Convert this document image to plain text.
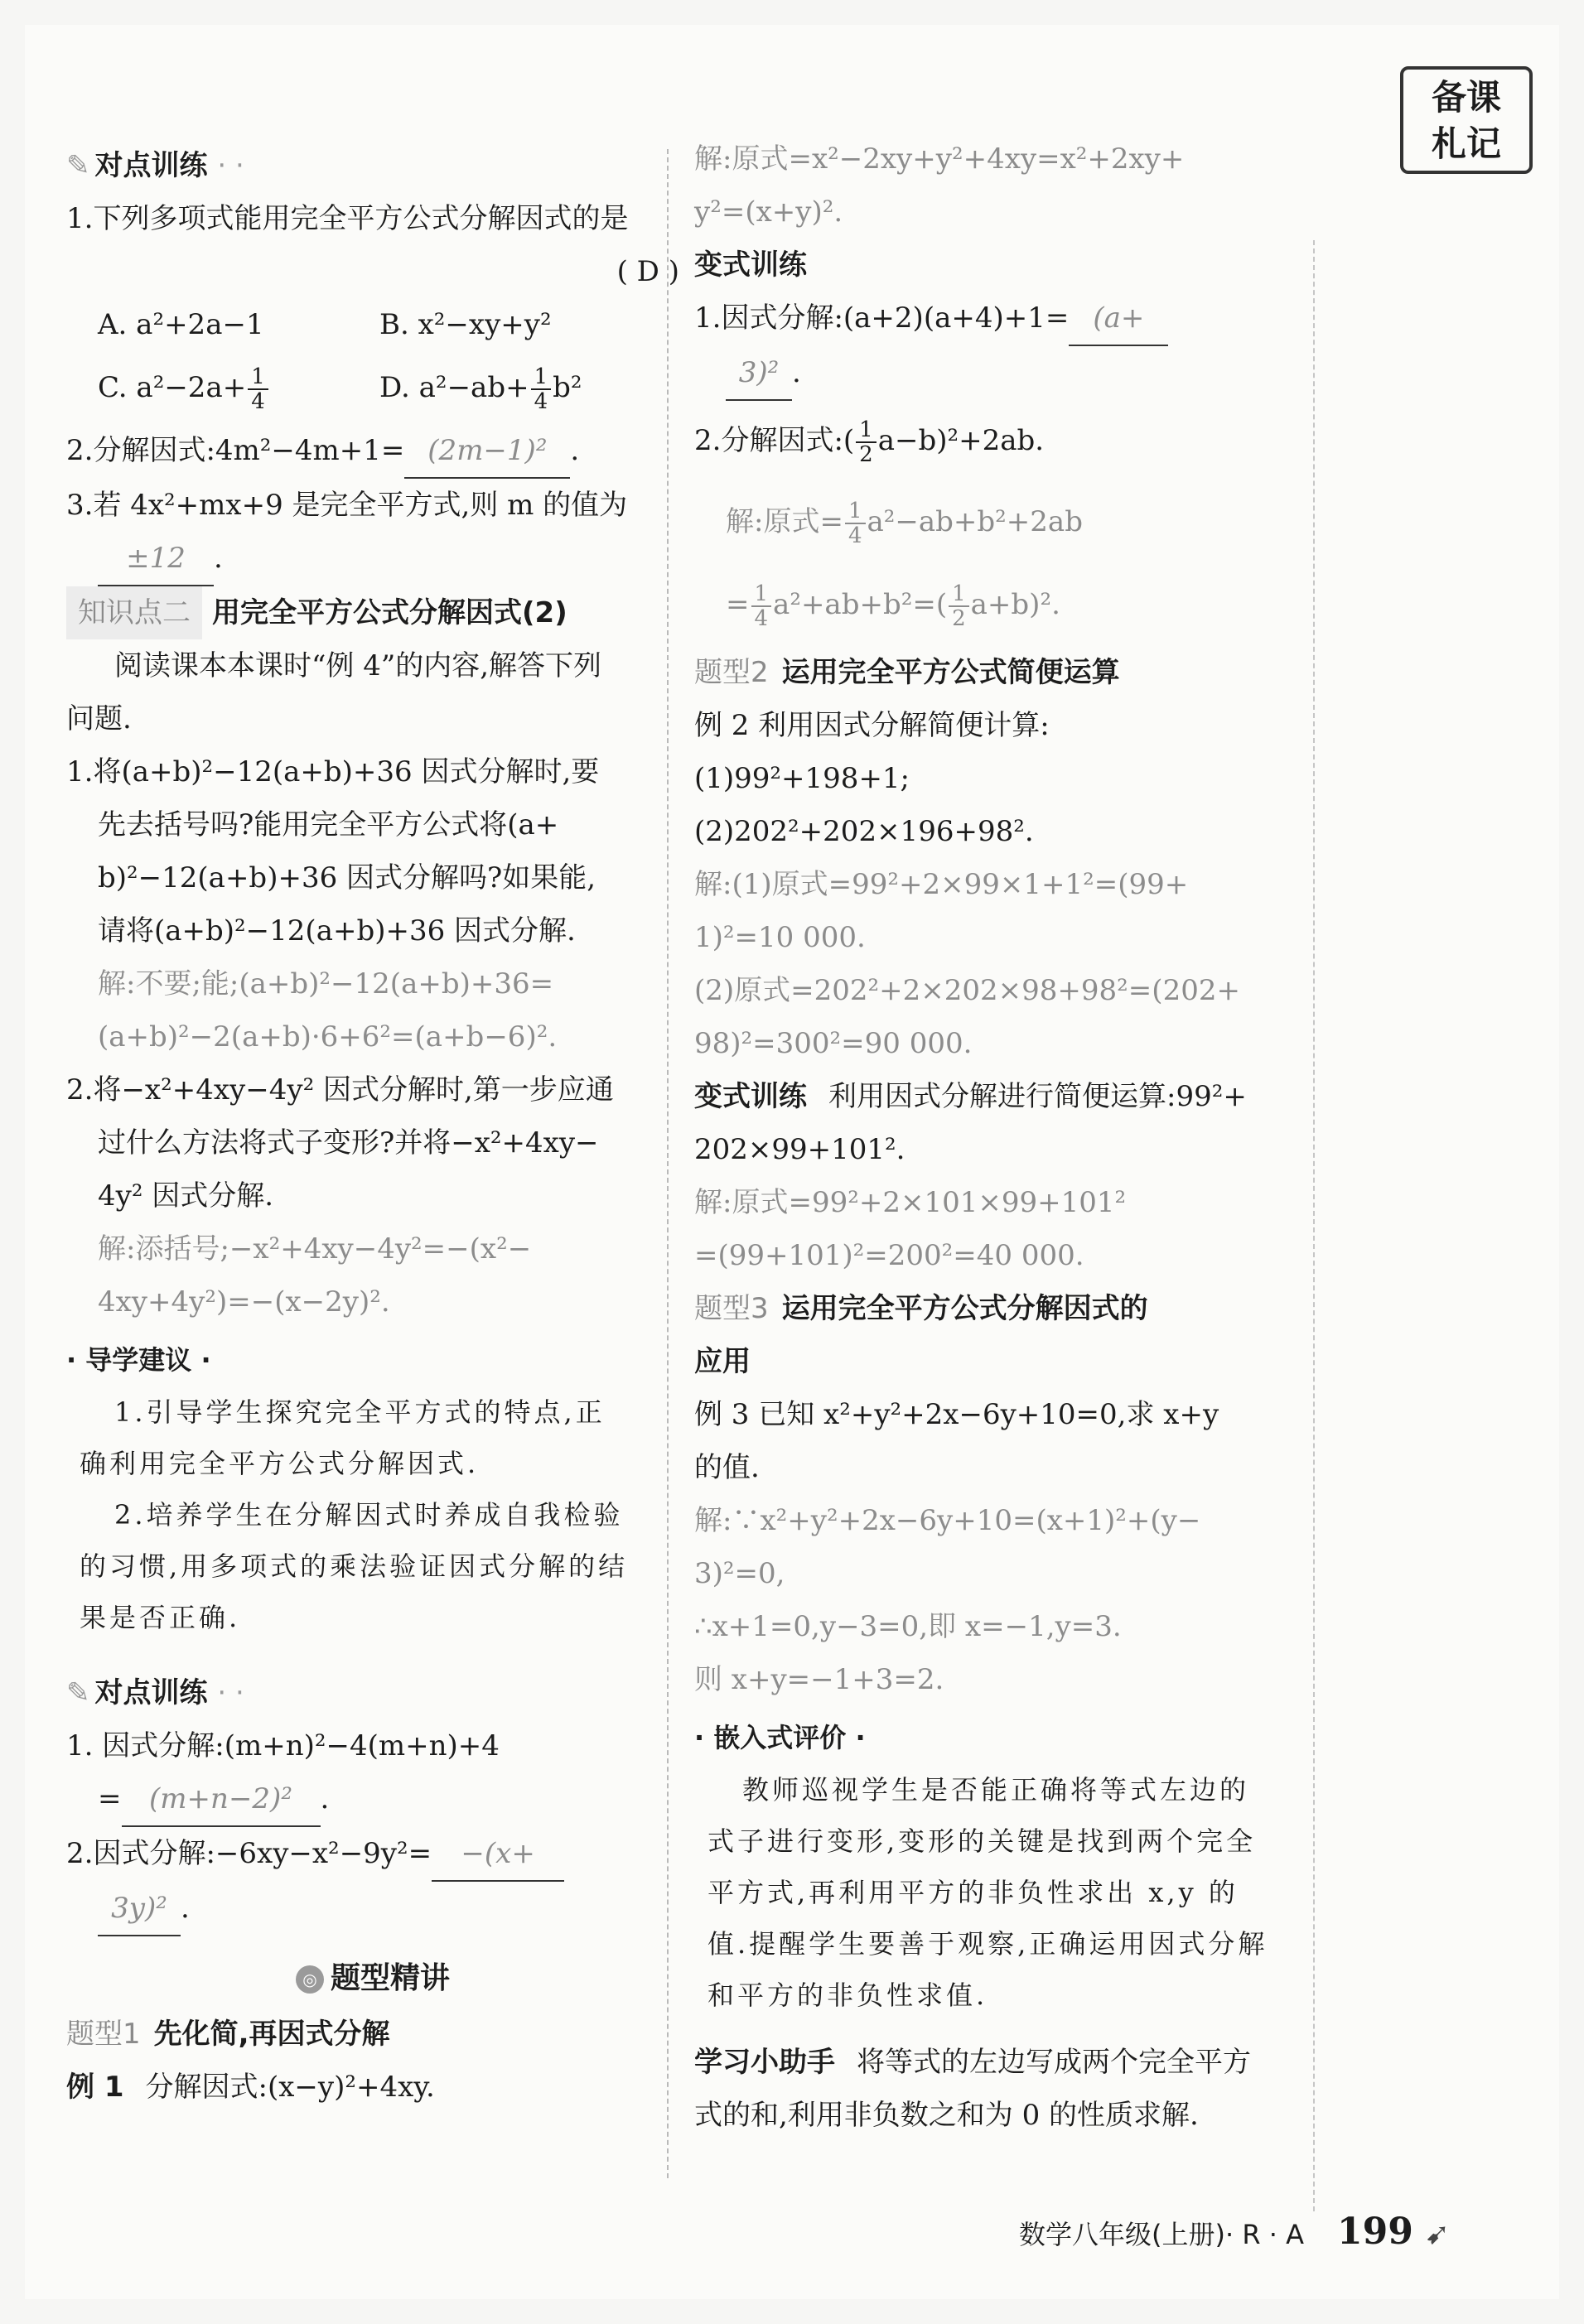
备课
札记
✎ 对点训练 · ·
1.下列多项式能用完全平方公式分解因式的是
( D )
A. a²+2a−1	B. x²−xy+y²
C. $a^2-2a+ \frac{1}{4}$	D. $a^2-ab+ \frac{1}{4} b^2$
2.分解因式:4m²−4m+1= (2m−1)² .
3.若 4x²+mx+9 是完全平方式,则 m 的值为
±12 .
知识点二 用完全平方公式分解因式(2)
阅读课本本课时“例 4”的内容,解答下列
问题.
1.将(a+b)²−12(a+b)+36 因式分解时,要
先去括号吗?能用完全平方公式将(a+
b)²−12(a+b)+36 因式分解吗?如果能,
请将(a+b)²−12(a+b)+36 因式分解.
解:不要;能;(a+b)²−12(a+b)+36=
(a+b)²−2(a+b)·6+6²=(a+b−6)².
2.将−x²+4xy−4y² 因式分解时,第一步应通
过什么方法将式子变形?并将−x²+4xy−
4y² 因式分解.
解:添括号;−x²+4xy−4y²=−(x²−
4xy+4y²)=−(x−2y)².
· 导学建议 ·
1.引导学生探究完全平方式的特点,正
确利用完全平方公式分解因式.
2.培养学生在分解因式时养成自我检验
的习惯,用多项式的乘法验证因式分解的结
果是否正确.
✎ 对点训练 · ·
1. 因式分解:(m+n)²−4(m+n)+4
= (m+n−2)² .
2.因式分解:−6xy−x²−9y²= −(x+
3y)² .
◎ 题型精讲
题型1 先化简,再因式分解
例 1 分解因式:(x−y)²+4xy.
解:原式=x²−2xy+y²+4xy=x²+2xy+
y²=(x+y)².
变式训练
1.因式分解:(a+2)(a+4)+1= (a+
3)² .
2.分解因式:( $\frac{1}{2} a-b)^2+2ab$.
解:原式= $\frac{1}{4} a^2-ab+b^2+2ab$
= $\frac{1}{4} a^2+ab+b^2=( \frac{1}{2} a+b)^2$.
题型2 运用完全平方公式简便运算
例 2 利用因式分解简便计算:
(1)99²+198+1;
(2)202²+202×196+98².
解:(1)原式=99²+2×99×1+1²=(99+
1)²=10 000.
(2)原式=202²+2×202×98+98²=(202+
98)²=300²=90 000.
变式训练 利用因式分解进行简便运算:99²+
202×99+101².
解:原式=99²+2×101×99+101²
=(99+101)²=200²=40 000.
题型3 运用完全平方公式分解因式的
应用
例 3 已知 x²+y²+2x−6y+10=0,求 x+y
的值.
解:∵x²+y²+2x−6y+10=(x+1)²+(y−
3)²=0,
∴x+1=0,y−3=0,即 x=−1,y=3.
则 x+y=−1+3=2.
· 嵌入式评价 ·
教师巡视学生是否能正确将等式左边的
式子进行变形,变形的关键是找到两个完全
平方式,再利用平方的非负性求出 x,y 的
值.提醒学生要善于观察,正确运用因式分解
和平方的非负性求值.
学习小助手 将等式的左边写成两个完全平方
式的和,利用非负数之和为 0 的性质求解.
数学八年级(上册)· R · A 199 ➹
